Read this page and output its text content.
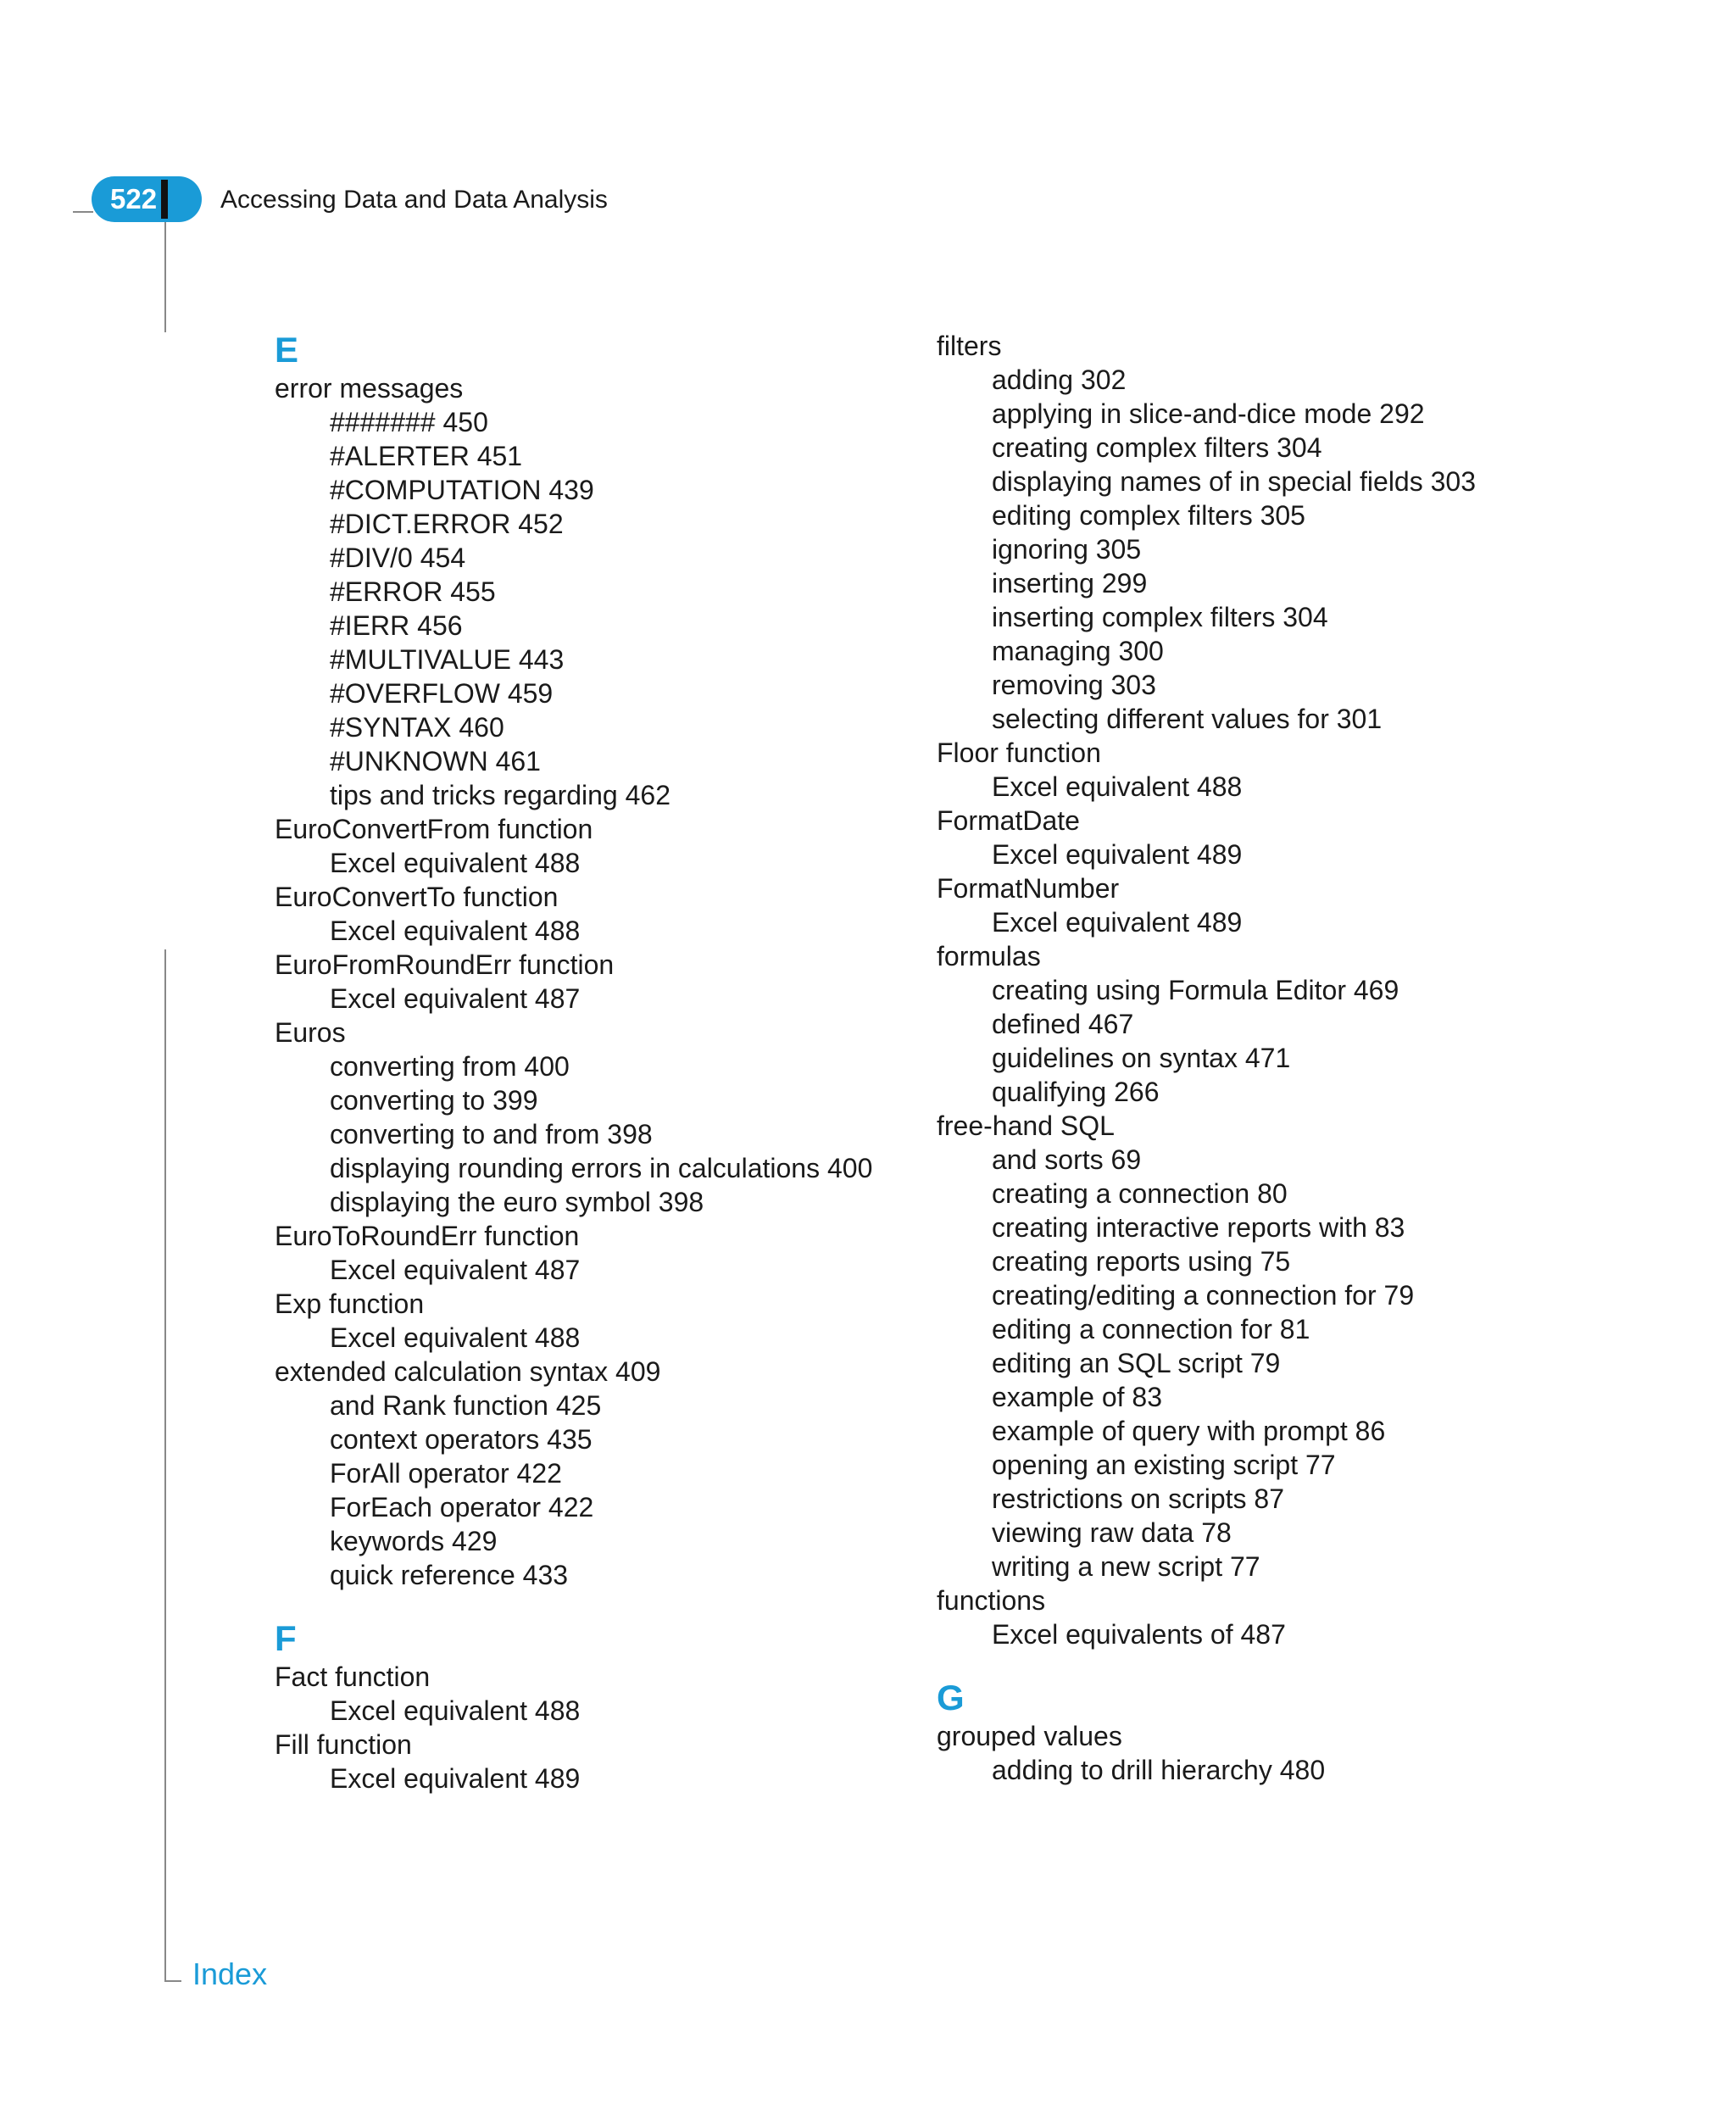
522	Accessing Data and Data Analysis
E
error messages
####### 450
#ALERTER 451
#COMPUTATION 439
#DICT.ERROR 452
#DIV/0 454
#ERROR 455
#IERR 456
#MULTIVALUE 443
#OVERFLOW 459
#SYNTAX 460
#UNKNOWN 461
tips and tricks regarding 462
EuroConvertFrom function
Excel equivalent 488
EuroConvertTo function
Excel equivalent 488
EuroFromRoundErr function
Excel equivalent 487
Euros
converting from 400
converting to 399
converting to and from 398
displaying rounding errors in calculations 400
displaying the euro symbol 398
EuroToRoundErr function
Excel equivalent 487
Exp function
Excel equivalent 488
extended calculation syntax 409
and Rank function 425
context operators 435
ForAll operator 422
ForEach operator 422
keywords 429
quick reference 433
F
Fact function
Excel equivalent 488
Fill function
Excel equivalent 489
filters
adding 302
applying in slice-and-dice mode 292
creating complex filters 304
displaying names of in special fields 303
editing complex filters 305
ignoring 305
inserting 299
inserting complex filters 304
managing 300
removing 303
selecting different values for 301
Floor function
Excel equivalent 488
FormatDate
Excel equivalent 489
FormatNumber
Excel equivalent 489
formulas
creating using Formula Editor 469
defined 467
guidelines on syntax 471
qualifying 266
free-hand SQL
and sorts 69
creating a connection 80
creating interactive reports with 83
creating reports using 75
creating/editing a connection for 79
editing a connection for 81
editing an SQL script 79
example of 83
example of query with prompt 86
opening an existing script 77
restrictions on scripts 87
viewing raw data 78
writing a new script 77
functions
Excel equivalents of 487
G
grouped values
adding to drill hierarchy 480
Index
